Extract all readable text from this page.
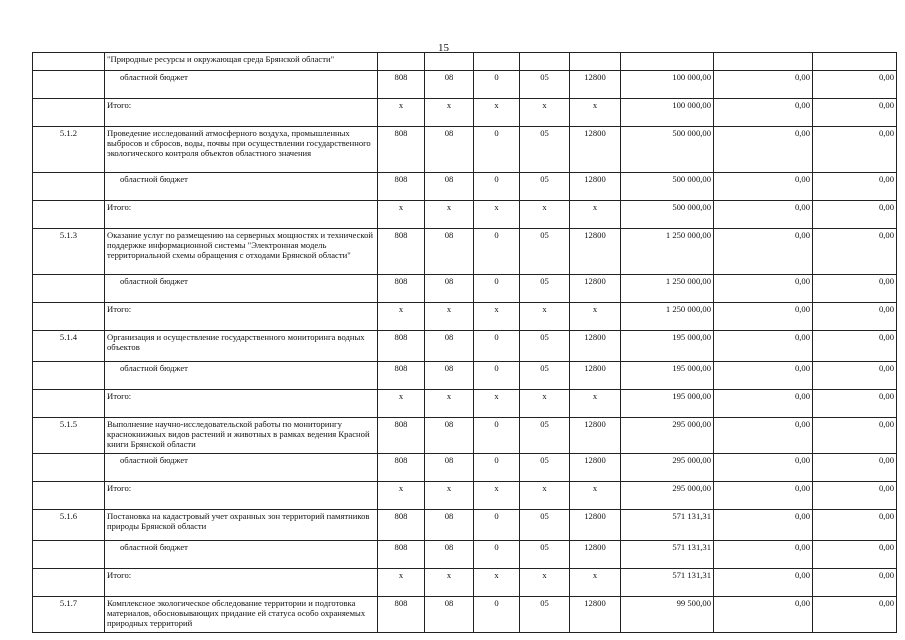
15
	"Природные ресурсы и окружающая среда Брянской области"								
	областной бюджет	808	08	0	05	12800	100 000,00	0,00	0,00
	Итого:	x	x	x	x	x	100 000,00	0,00	0,00
5.1.2	Проведение исследований атмосферного воздуха, промышленных выбросов и сбросов, воды, почвы при осуществлении государственного экологического контроля объектов областного значения	808	08	0	05	12800	500 000,00	0,00	0,00
	областной бюджет	808	08	0	05	12800	500 000,00	0,00	0,00
	Итого:	x	x	x	x	x	500 000,00	0,00	0,00
5.1.3	Оказание услуг по размещению на серверных мощностях и технической поддержке информационной системы "Электронная модель территориальной схемы обращения с отходами Брянской области"	808	08	0	05	12800	1 250 000,00	0,00	0,00
	областной бюджет	808	08	0	05	12800	1 250 000,00	0,00	0,00
	Итого:	x	x	x	x	x	1 250 000,00	0,00	0,00
5.1.4	Организация и осуществление государственного мониторинга водных объектов	808	08	0	05	12800	195 000,00	0,00	0,00
	областной бюджет	808	08	0	05	12800	195 000,00	0,00	0,00
	Итого:	x	x	x	x	x	195 000,00	0,00	0,00
5.1.5	Выполнение научно-исследовательской работы по мониторингу краснокнижных видов растений и животных в рамках ведения Красной книги Брянской области	808	08	0	05	12800	295 000,00	0,00	0,00
	областной бюджет	808	08	0	05	12800	295 000,00	0,00	0,00
	Итого:	x	x	x	x	x	295 000,00	0,00	0,00
5.1.6	Постановка на кадастровый учет охранных зон территорий памятников природы Брянской области	808	08	0	05	12800	571 131,31	0,00	0,00
	областной бюджет	808	08	0	05	12800	571 131,31	0,00	0,00
	Итого:	x	x	x	x	x	571 131,31	0,00	0,00
5.1.7	Комплексное экологическое обследование территории и подготовка материалов, обосновывающих придание ей статуса особо охраняемых природных территорий	808	08	0	05	12800	99 500,00	0,00	0,00
